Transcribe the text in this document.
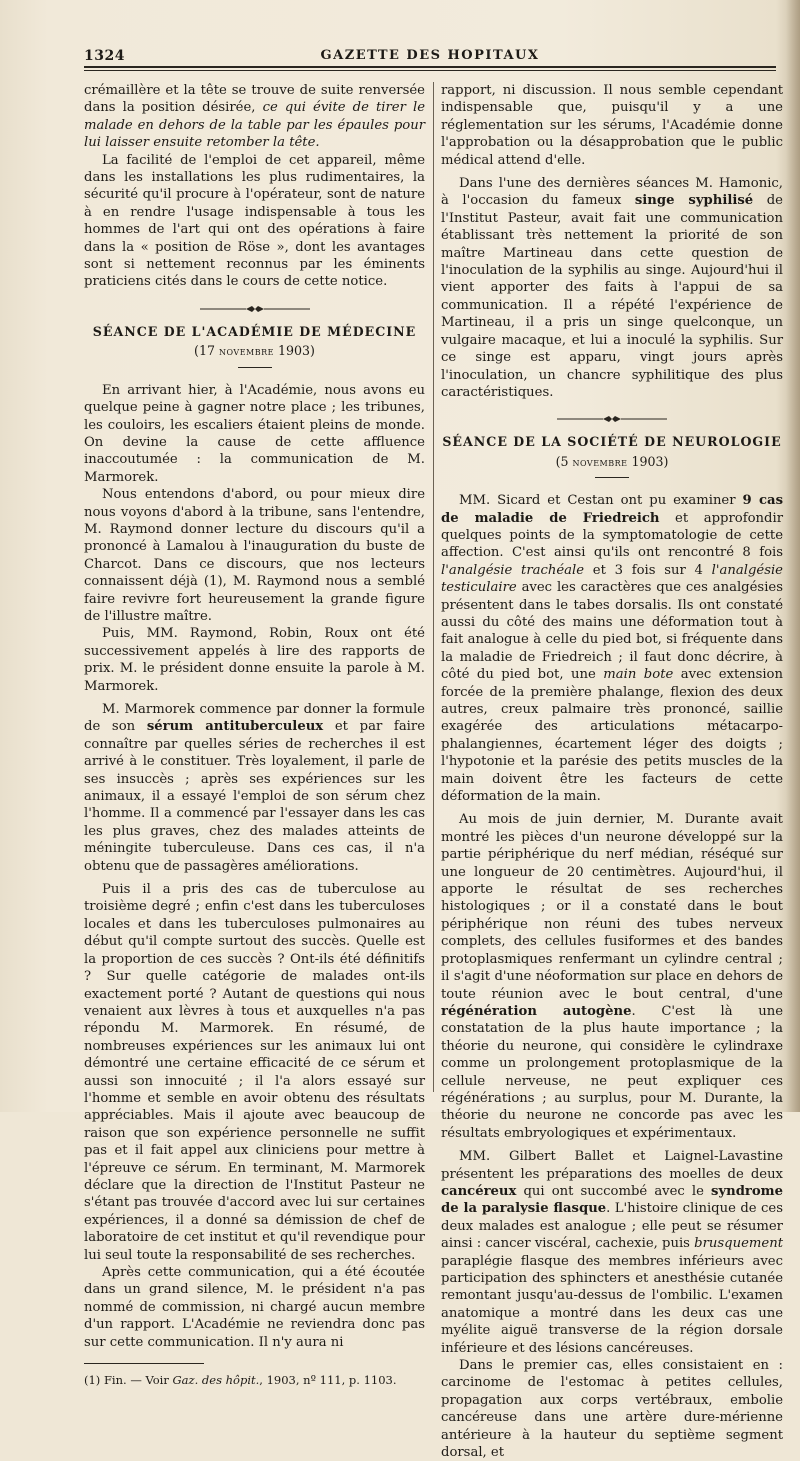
1324	GAZETTE DES HOPITAUX

crémaillère et la tête se trouve de suite renversée dans la position désirée, ce qui évite de tirer le malade en dehors de la table par les épaules pour lui laisser ensuite retomber la tête.

La facilité de l'emploi de cet appareil, même dans les installations les plus rudimentaires, la sécurité qu'il procure à l'opérateur, sont de nature à en rendre l'usage indispensable à tous les hommes de l'art qui ont des opérations à faire dans la « position de Röse », dont les avantages sont si nettement reconnus par les éminents praticiens cités dans le cours de cette notice.

SÉANCE DE L'ACADÉMIE DE MÉDECINE

(17 novembre 1903)

En arrivant hier, à l'Académie, nous avons eu quelque peine à gagner notre place ; les tribunes, les couloirs, les escaliers étaient pleins de monde. On devine la cause de cette affluence inaccoutumée : la communication de M. Marmorek.

Nous entendons d'abord, ou pour mieux dire nous voyons d'abord à la tribune, sans l'entendre, M. Raymond donner lecture du discours qu'il a prononcé à Lamalou à l'inauguration du buste de Charcot. Dans ce discours, que nos lecteurs connaissent déjà (1), M. Raymond nous a semblé faire revivre fort heureusement la grande figure de l'illustre maître.

Puis, MM. Raymond, Robin, Roux ont été successivement appelés à lire des rapports de prix. M. le président donne ensuite la parole à M. Marmorek.

M. Marmorek commence par donner la formule de son sérum antituberculeux et par faire connaître par quelles séries de recherches il est arrivé à le constituer. Très loyalement, il parle de ses insuccès ; après ses expériences sur les animaux, il a essayé l'emploi de son sérum chez l'homme. Il a commencé par l'essayer dans les cas les plus graves, chez des malades atteints de méningite tuberculeuse. Dans ces cas, il n'a obtenu que de passagères améliorations.

Puis il a pris des cas de tuberculose au troisième degré ; enfin c'est dans les tuberculoses locales et dans les tuberculoses pulmonaires au début qu'il compte surtout des succès. Quelle est la proportion de ces succès ? Ont-ils été définitifs ? Sur quelle catégorie de malades ont-ils exactement porté ? Autant de questions qui nous venaient aux lèvres à tous et auxquelles n'a pas répondu M. Marmorek. En résumé, de nombreuses expériences sur les animaux lui ont démontré une certaine efficacité de ce sérum et aussi son innocuité ; il l'a alors essayé sur l'homme et semble en avoir obtenu des résultats appréciables. Mais il ajoute avec beaucoup de raison que son expérience personnelle ne suffit pas et il fait appel aux cliniciens pour mettre à l'épreuve ce sérum. En terminant, M. Marmorek déclare que la direction de l'Institut Pasteur ne s'étant pas trouvée d'accord avec lui sur certaines expériences, il a donné sa démission de chef de laboratoire de cet institut et qu'il revendique pour lui seul toute la responsabilité de ses recherches.

Après cette communication, qui a été écoutée dans un grand silence, M. le président n'a pas nommé de commission, ni chargé aucun membre d'un rapport. L'Académie ne reviendra donc pas sur cette communication. Il n'y aura ni

(1) Fin. — Voir Gaz. des hôpit., 1903, nº 111, p. 1103.

rapport, ni discussion. Il nous semble cependant indispensable que, puisqu'il y a une réglementation sur les sérums, l'Académie donne l'approbation ou la désapprobation que le public médical attend d'elle.

Dans l'une des dernières séances M. Hamonic, à l'occasion du fameux singe syphilisé de l'Institut Pasteur, avait fait une communication établissant très nettement la priorité de son maître Martineau dans cette question de l'inoculation de la syphilis au singe. Aujourd'hui il vient apporter des faits à l'appui de sa communication. Il a répété l'expérience de Martineau, il a pris un singe quelconque, un vulgaire macaque, et lui a inoculé la syphilis. Sur ce singe est apparu, vingt jours après l'inoculation, un chancre syphilitique des plus caractéristiques.

SÉANCE DE LA SOCIÉTÉ DE NEUROLOGIE

(5 novembre 1903)

MM. Sicard et Cestan ont pu examiner 9 cas de maladie de Friedreich et approfondir quelques points de la symptomatologie de cette affection. C'est ainsi qu'ils ont rencontré 8 fois l'analgésie trachéale et 3 fois sur 4 l'analgésie testiculaire avec les caractères que ces analgésies présentent dans le tabes dorsalis. Ils ont constaté aussi du côté des mains une déformation tout à fait analogue à celle du pied bot, si fréquente dans la maladie de Friedreich ; il faut donc décrire, à côté du pied bot, une main bote avec extension forcée de la première phalange, flexion des deux autres, creux palmaire très prononcé, saillie exagérée des articulations métacarpo-phalangiennes, écartement léger des doigts ; l'hypotonie et la parésie des petits muscles de la main doivent être les facteurs de cette déformation de la main.

Au mois de juin dernier, M. Durante avait montré les pièces d'un neurone développé sur la partie périphérique du nerf médian, réséqué sur une longueur de 20 centimètres. Aujourd'hui, il apporte le résultat de ses recherches histologiques ; or il a constaté dans le bout périphérique non réuni des tubes nerveux complets, des cellules fusiformes et des bandes protoplasmiques renfermant un cylindre central ; il s'agit d'une néoformation sur place en dehors de toute réunion avec le bout central, d'une régénération autogène. C'est là une constatation de la plus haute importance ; la théorie du neurone, qui considère le cylindraxe comme un prolongement protoplasmique de la cellule nerveuse, ne peut expliquer ces régénérations ; au surplus, pour M. Durante, la théorie du neurone ne concorde pas avec les résultats embryologiques et expérimentaux.

MM. Gilbert Ballet et Laignel-Lavastine présentent les préparations des moelles de deux cancéreux qui ont succombé avec le syndrome de la paralysie flasque. L'histoire clinique de ces deux malades est analogue ; elle peut se résumer ainsi : cancer viscéral, cachexie, puis brusquement paraplégie flasque des membres inférieurs avec participation des sphincters et anesthésie cutanée remontant jusqu'au-dessus de l'ombilic. L'examen anatomique a montré dans les deux cas une myélite aiguë transverse de la région dorsale inférieure et des lésions cancéreuses.

Dans le premier cas, elles consistaient en : carcinome de l'estomac à petites cellules, propagation aux corps vertébraux, embolie cancéreuse dans une artère dure-mérienne antérieure à la hauteur du septième segment dorsal, et
